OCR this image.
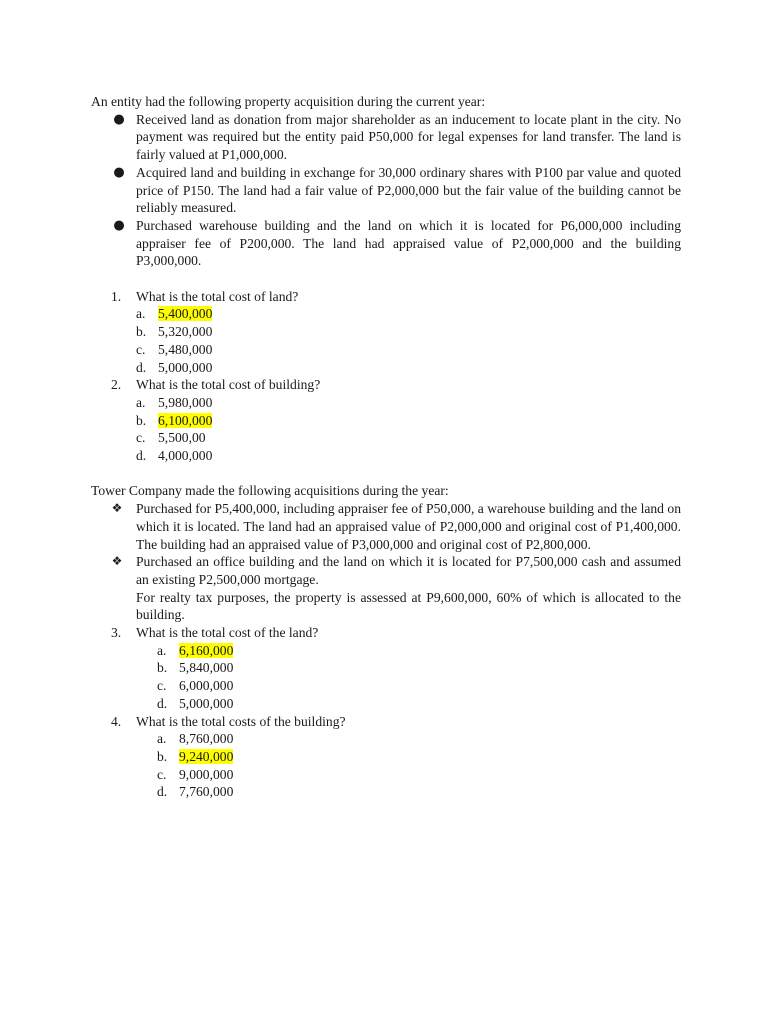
An entity had the following property acquisition during the current year:

● Received land as donation from major shareholder as an inducement to locate plant in the city. No payment was required but the entity paid P50,000 for legal expenses for land transfer. The land is fairly valued at P1,000,000.
● Acquired land and building in exchange for 30,000 ordinary shares with P100 par value and quoted price of P150. The land had a fair value of P2,000,000 but the fair value of the building cannot be reliably measured.
● Purchased warehouse building and the land on which it is located for P6,000,000 including appraiser fee of P200,000. The land had appraised value of P2,000,000 and the building P3,000,000.
1. What is the total cost of land?
a. 5,400,000
b. 5,320,000
c. 5,480,000
d. 5,000,000
2. What is the total cost of building?
a. 5,980,000
b. 6,100,000
c. 5,500,00
d. 4,000,000

Tower Company made the following acquisitions during the year:

❖ Purchased for P5,400,000, including appraiser fee of P50,000, a warehouse building and the land on which it is located. The land had an appraised value of P2,000,000 and original cost of P1,400,000. The building had an appraised value of P3,000,000 and original cost of P2,800,000.
❖ Purchased an office building and the land on which it is located for P7,500,000 cash and assumed an existing P2,500,000 mortgage.
For realty tax purposes, the property is assessed at P9,600,000, 60% of which is allocated to the building.
3. What is the total cost of the land?
a. 6,160,000
b. 5,840,000
c. 6,000,000
d. 5,000,000
4. What is the total costs of the building?
a. 8,760,000
b. 9,240,000
c. 9,000,000
d. 7,760,000
